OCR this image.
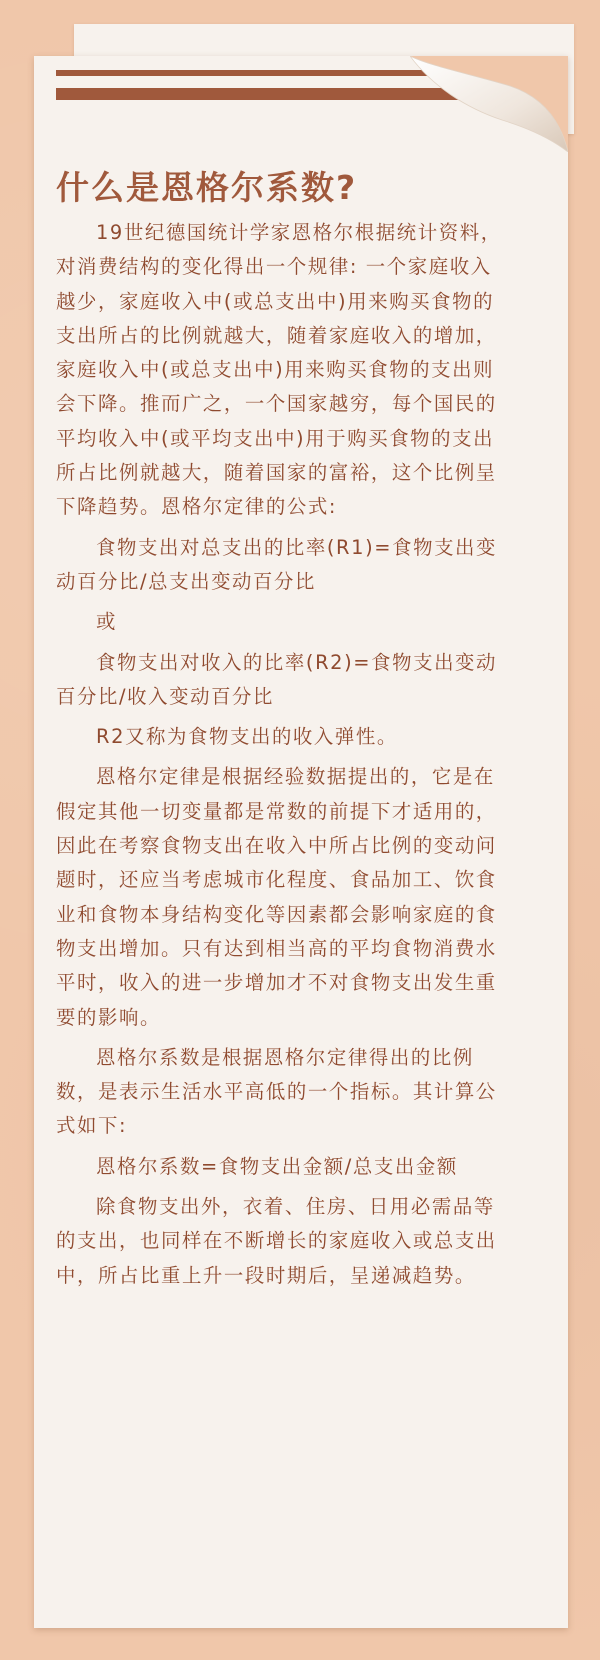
什么是恩格尔系数?

19世纪德国统计学家恩格尔根据统计资料，

对消费结构的变化得出一个规律: 一个家庭收入

越少，家庭收入中(或总支出中)用来购买食物的

支出所占的比例就越大，随着家庭收入的增加，

家庭收入中(或总支出中)用来购买食物的支出则

会下降。推而广之，一个国家越穷，每个国民的

平均收入中(或平均支出中)用于购买食物的支出

所占比例就越大，随着国家的富裕，这个比例呈

下降趋势。恩格尔定律的公式:

食物支出对总支出的比率(R1)=食物支出变

动百分比/总支出变动百分比

或

食物支出对收入的比率(R2)=食物支出变动

百分比/收入变动百分比

R2又称为食物支出的收入弹性。

恩格尔定律是根据经验数据提出的，它是在

假定其他一切变量都是常数的前提下才适用的，

因此在考察食物支出在收入中所占比例的变动问

题时，还应当考虑城市化程度、食品加工、饮食

业和食物本身结构变化等因素都会影响家庭的食

物支出增加。只有达到相当高的平均食物消费水

平时，收入的进一步增加才不对食物支出发生重

要的影响。

恩格尔系数是根据恩格尔定律得出的比例

数，是表示生活水平高低的一个指标。其计算公

式如下:

恩格尔系数=食物支出金额/总支出金额

除食物支出外，衣着、住房、日用必需品等

的支出，也同样在不断增长的家庭收入或总支出

中，所占比重上升一段时期后，呈递减趋势。
